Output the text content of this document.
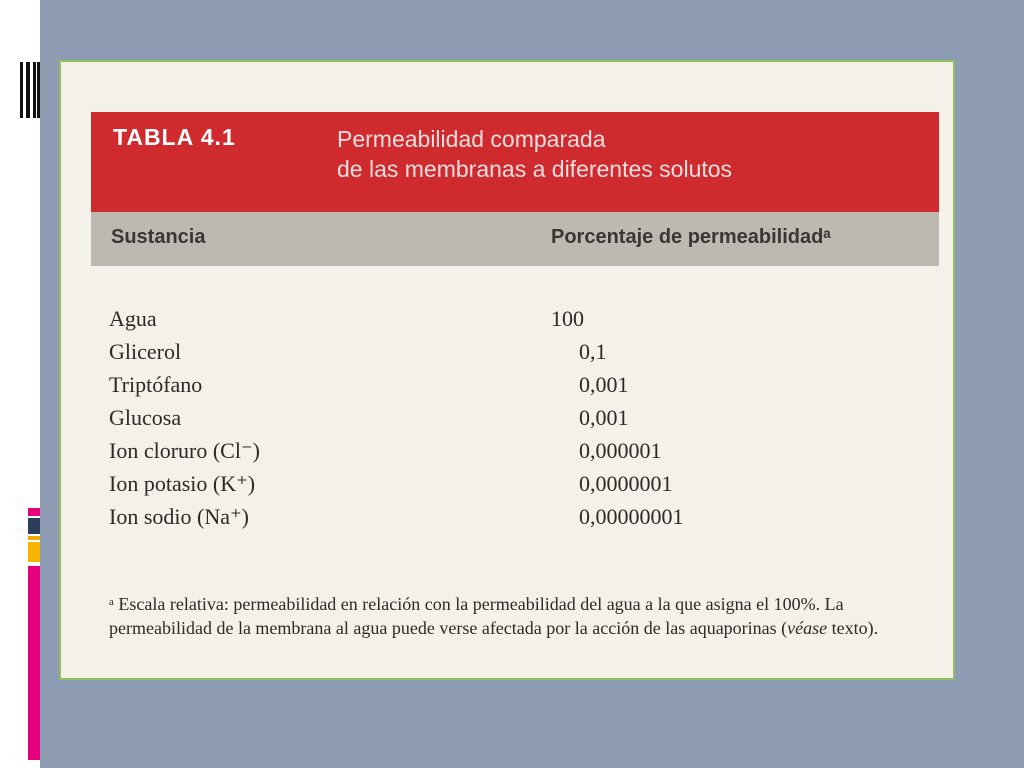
TABLA 4.1	Permeabilidad comparada
de las membranas a diferentes solutos
Sustancia	Porcentaje de permeabilidadᵃ
Agua	100
Glicerol	0,1
Triptófano	0,001
Glucosa	0,001
Ion cloruro (Cl⁻)	0,000001
Ion potasio (K⁺)	0,0000001
Ion sodio (Na⁺)	0,00000001
ᵃ Escala relativa: permeabilidad en relación con la permeabilidad del agua a la que asigna el 100%. La permeabilidad de la membrana al agua puede verse afectada por la acción de las aquaporinas (véase texto).
